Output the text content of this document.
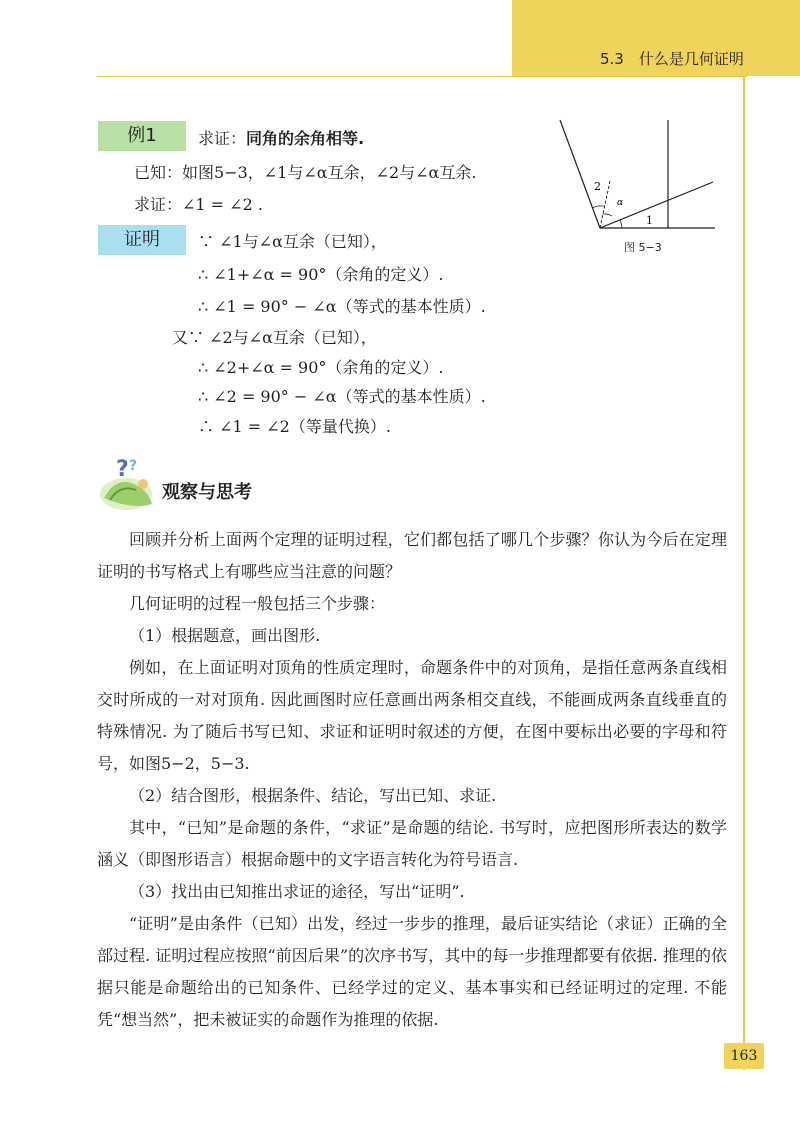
5.3　什么是几何证明
例1	求证：同角的余角相等.
已知：如图5−3，∠1与∠α互余，∠2与∠α互余.
求证：∠1 = ∠2 .
2
α
1
图 5−3
证明	∵ ∠1与∠α互余（已知），
∴ ∠1+∠α = 90°（余角的定义）.
∴ ∠1 = 90° − ∠α（等式的基本性质）.
又∵ ∠2与∠α互余（已知），
∴ ∠2+∠α = 90°（余角的定义）.
∴ ∠2 = 90° − ∠α（等式的基本性质）.
∴ ∠1 = ∠2（等量代换）.
? ?
观察与思考

回顾并分析上面两个定理的证明过程，它们都包括了哪几个步骤？你认为今后在定理证明的书写格式上有哪些应当注意的问题？

几何证明的过程一般包括三个步骤：

（1）根据题意，画出图形.

例如，在上面证明对顶角的性质定理时，命题条件中的对顶角，是指任意两条直线相交时所成的一对对顶角. 因此画图时应任意画出两条相交直线，不能画成两条直线垂直的特殊情况. 为了随后书写已知、求证和证明时叙述的方便，在图中要标出必要的字母和符号，如图5−2，5−3.

（2）结合图形，根据条件、结论，写出已知、求证.

其中，“已知”是命题的条件，“求证”是命题的结论. 书写时，应把图形所表达的数学涵义（即图形语言）根据命题中的文字语言转化为符号语言.

（3）找出由已知推出求证的途径，写出“证明”.

“证明”是由条件（已知）出发，经过一步步的推理，最后证实结论（求证）正确的全部过程. 证明过程应按照“前因后果”的次序书写，其中的每一步推理都要有依据. 推理的依据只能是命题给出的已知条件、已经学过的定义、基本事实和已经证明过的定理. 不能凭“想当然”，把未被证实的命题作为推理的依据.

163
